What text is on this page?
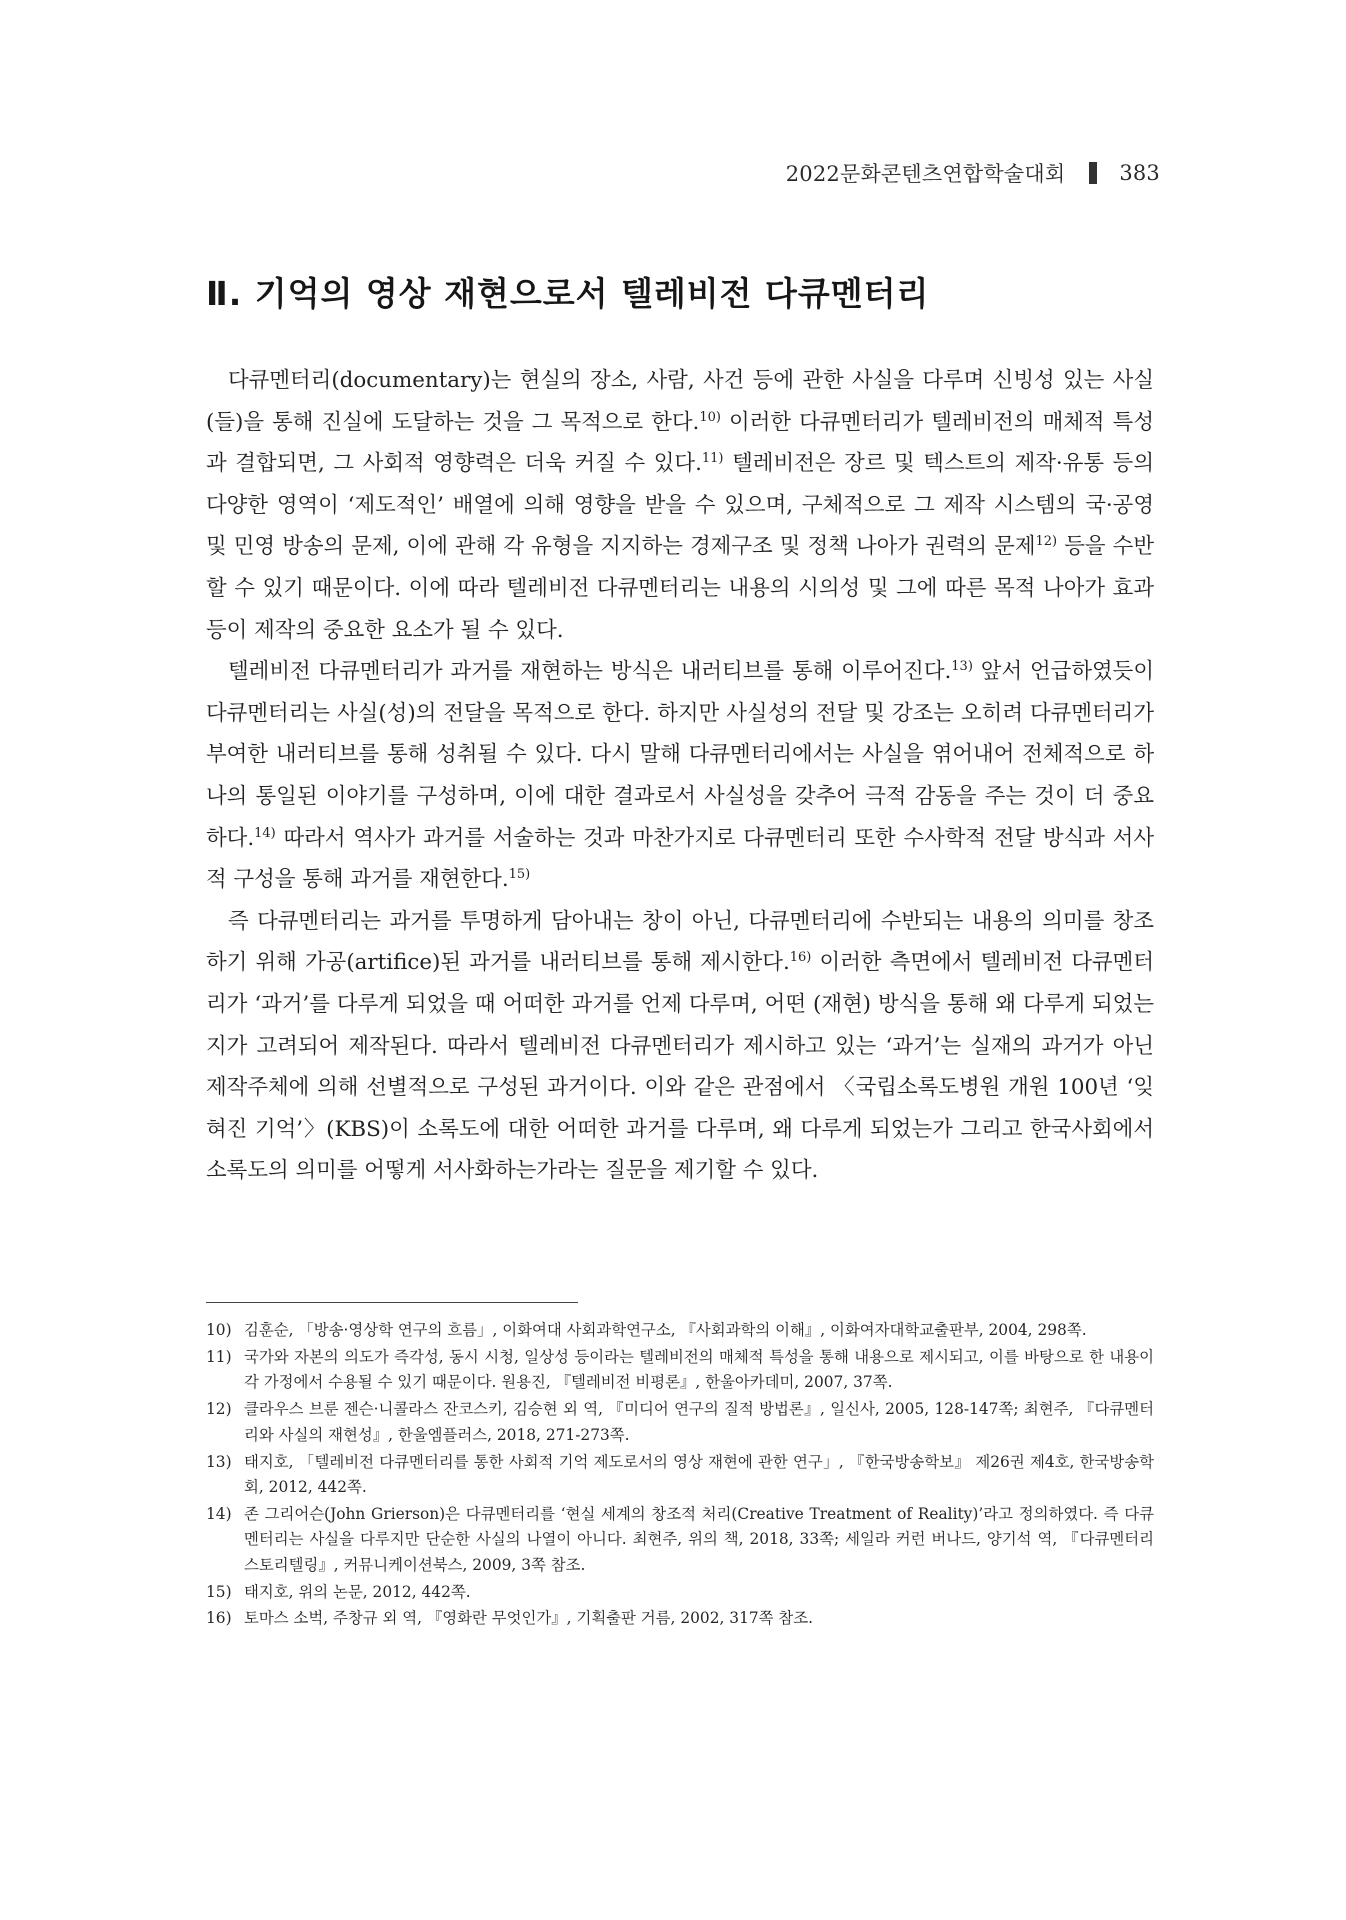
2022문화콘텐츠연합학술대회	383
Ⅱ. 기억의 영상 재현으로서 텔레비전 다큐멘터리

다큐멘터리(documentary)는 현실의 장소, 사람, 사건 등에 관한 사실을 다루며 신빙성 있는 사실(들)을 통해 진실에 도달하는 것을 그 목적으로 한다.$^{10)}$ 이러한 다큐멘터리가 텔레비전의 매체적 특성과 결합되면, 그 사회적 영향력은 더욱 커질 수 있다.$^{11)}$ 텔레비전은 장르 및 텍스트의 제작·유통 등의 다양한 영역이 ‘제도적인’ 배열에 의해 영향을 받을 수 있으며, 구체적으로 그 제작 시스템의 국·공영 및 민영 방송의 문제, 이에 관해 각 유형을 지지하는 경제구조 및 정책 나아가 권력의 문제$^{12)}$ 등을 수반할 수 있기 때문이다. 이에 따라 텔레비전 다큐멘터리는 내용의 시의성 및 그에 따른 목적 나아가 효과 등이 제작의 중요한 요소가 될 수 있다.

텔레비전 다큐멘터리가 과거를 재현하는 방식은 내러티브를 통해 이루어진다.$^{13)}$ 앞서 언급하였듯이 다큐멘터리는 사실(성)의 전달을 목적으로 한다. 하지만 사실성의 전달 및 강조는 오히려 다큐멘터리가 부여한 내러티브를 통해 성취될 수 있다. 다시 말해 다큐멘터리에서는 사실을 엮어내어 전체적으로 하나의 통일된 이야기를 구성하며, 이에 대한 결과로서 사실성을 갖추어 극적 감동을 주는 것이 더 중요하다.$^{14)}$ 따라서 역사가 과거를 서술하는 것과 마찬가지로 다큐멘터리 또한 수사학적 전달 방식과 서사적 구성을 통해 과거를 재현한다.$^{15)}$

즉 다큐멘터리는 과거를 투명하게 담아내는 창이 아닌, 다큐멘터리에 수반되는 내용의 의미를 창조하기 위해 가공(artifice)된 과거를 내러티브를 통해 제시한다.$^{16)}$ 이러한 측면에서 텔레비전 다큐멘터리가 ‘과거’를 다루게 되었을 때 어떠한 과거를 언제 다루며, 어떤 (재현) 방식을 통해 왜 다루게 되었는지가 고려되어 제작된다. 따라서 텔레비전 다큐멘터리가 제시하고 있는 ‘과거’는 실재의 과거가 아닌 제작주체에 의해 선별적으로 구성된 과거이다. 이와 같은 관점에서 〈국립소록도병원 개원 100년 ‘잊혀진 기억’〉(KBS)이 소록도에 대한 어떠한 과거를 다루며, 왜 다루게 되었는가 그리고 한국사회에서 소록도의 의미를 어떻게 서사화하는가라는 질문을 제기할 수 있다.

10) 김훈순, 「방송·영상학 연구의 흐름」, 이화여대 사회과학연구소, 『사회과학의 이해』, 이화여자대학교출판부, 2004, 298쪽.
11) 국가와 자본의 의도가 즉각성, 동시 시청, 일상성 등이라는 텔레비전의 매체적 특성을 통해 내용으로 제시되고, 이를 바탕으로 한 내용이 각 가정에서 수용될 수 있기 때문이다. 원용진, 『텔레비전 비평론』, 한울아카데미, 2007, 37쪽.
12) 클라우스 브룬 젠슨·니콜라스 잔코스키, 김승현 외 역, 『미디어 연구의 질적 방법론』, 일신사, 2005, 128-147쪽; 최현주, 『다큐멘터리와 사실의 재현성』, 한울엠플러스, 2018, 271-273쪽.
13) 태지호, 「텔레비전 다큐멘터리를 통한 사회적 기억 제도로서의 영상 재현에 관한 연구」, 『한국방송학보』 제26권 제4호, 한국방송학회, 2012, 442쪽.
14) 존 그리어슨(John Grierson)은 다큐멘터리를 ‘현실 세계의 창조적 처리(Creative Treatment of Reality)’라고 정의하였다. 즉 다큐멘터리는 사실을 다루지만 단순한 사실의 나열이 아니다. 최현주, 위의 책, 2018, 33쪽; 세일라 커런 버나드, 양기석 역, 『다큐멘터리 스토리텔링』, 커뮤니케이션북스, 2009, 3쪽 참조.
15) 태지호, 위의 논문, 2012, 442쪽.
16) 토마스 소벅, 주창규 외 역, 『영화란 무엇인가』, 기획출판 거름, 2002, 317쪽 참조.
